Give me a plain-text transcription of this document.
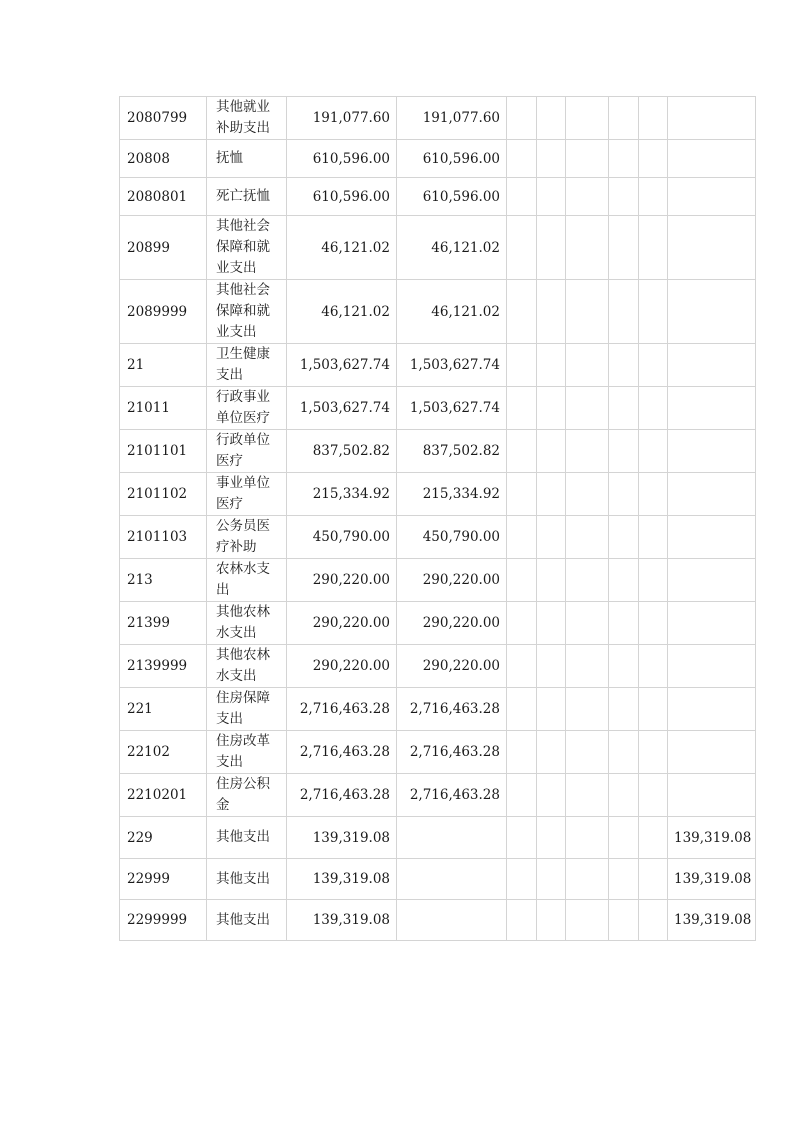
2080799	其他就业补助支出	191,077.60	191,077.60						
20808	抚恤	610,596.00	610,596.00						
2080801	死亡抚恤	610,596.00	610,596.00						
20899	其他社会保障和就业支出	46,121.02	46,121.02						
2089999	其他社会保障和就业支出	46,121.02	46,121.02						
21	卫生健康支出	1,503,627.74	1,503,627.74						
21011	行政事业单位医疗	1,503,627.74	1,503,627.74						
2101101	行政单位医疗	837,502.82	837,502.82						
2101102	事业单位医疗	215,334.92	215,334.92						
2101103	公务员医疗补助	450,790.00	450,790.00						
213	农林水支出	290,220.00	290,220.00						
21399	其他农林水支出	290,220.00	290,220.00						
2139999	其他农林水支出	290,220.00	290,220.00						
221	住房保障支出	2,716,463.28	2,716,463.28						
22102	住房改革支出	2,716,463.28	2,716,463.28						
2210201	住房公积金	2,716,463.28	2,716,463.28						
229	其他支出	139,319.08							139,319.08
22999	其他支出	139,319.08							139,319.08
2299999	其他支出	139,319.08							139,319.08
